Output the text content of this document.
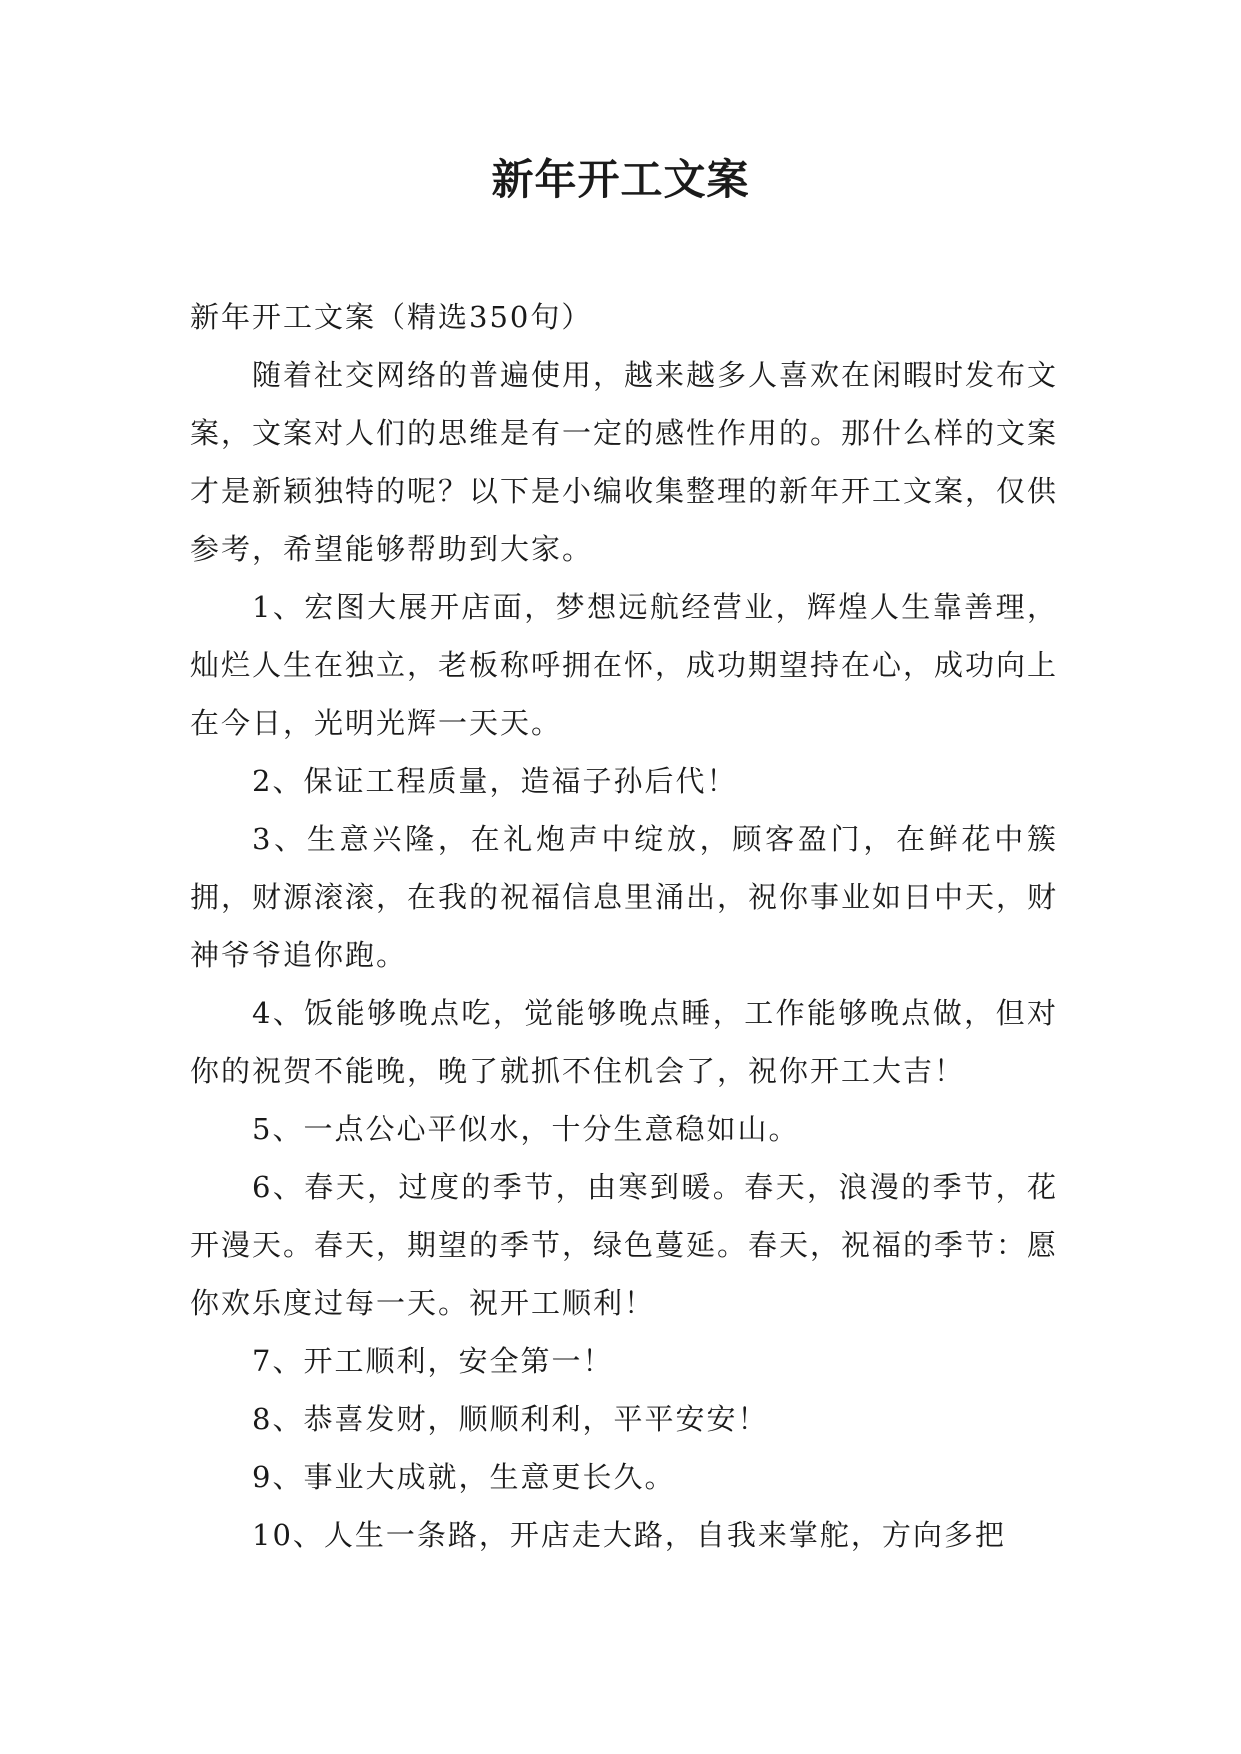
新年开工文案

新年开工文案（精选350句）

随着社交网络的普遍使用，越来越多人喜欢在闲暇时发布文案，文案对人们的思维是有一定的感性作用的。那什么样的文案才是新颖独特的呢？以下是小编收集整理的新年开工文案，仅供参考，希望能够帮助到大家。

1、宏图大展开店面，梦想远航经营业，辉煌人生靠善理，灿烂人生在独立，老板称呼拥在怀，成功期望持在心，成功向上在今日，光明光辉一天天。

2、保证工程质量，造福子孙后代！

3、生意兴隆，在礼炮声中绽放，顾客盈门，在鲜花中簇拥，财源滚滚，在我的祝福信息里涌出，祝你事业如日中天，财神爷爷追你跑。

4、饭能够晚点吃，觉能够晚点睡，工作能够晚点做，但对你的祝贺不能晚，晚了就抓不住机会了，祝你开工大吉！

5、一点公心平似水，十分生意稳如山。

6、春天，过度的季节，由寒到暖。春天，浪漫的季节，花开漫天。春天，期望的季节，绿色蔓延。春天，祝福的季节：愿你欢乐度过每一天。祝开工顺利！

7、开工顺利，安全第一！

8、恭喜发财，顺顺利利，平平安安！

9、事业大成就，生意更长久。

10、人生一条路，开店走大路，自我来掌舵，方向多把
